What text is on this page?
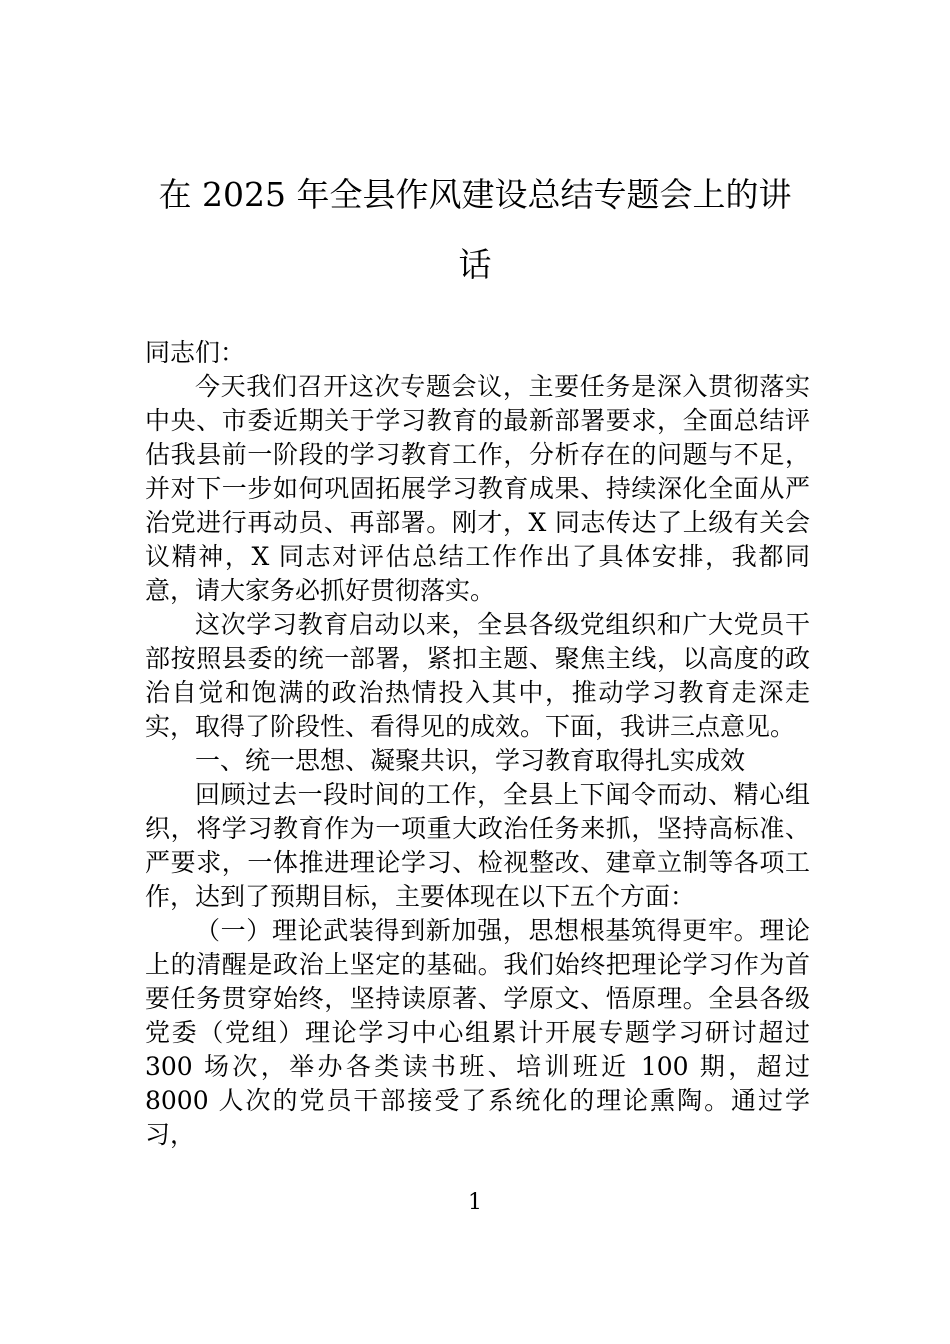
在 2025 年全县作风建设总结专题会上的讲
话

同志们：

今天我们召开这次专题会议，主要任务是深入贯彻落实中央、市委近期关于学习教育的最新部署要求，全面总结评估我县前一阶段的学习教育工作，分析存在的问题与不足，并对下一步如何巩固拓展学习教育成果、持续深化全面从严治党进行再动员、再部署。刚才，X 同志传达了上级有关会议精神，X 同志对评估总结工作作出了具体安排，我都同意，请大家务必抓好贯彻落实。

这次学习教育启动以来，全县各级党组织和广大党员干部按照县委的统一部署，紧扣主题、聚焦主线，以高度的政治自觉和饱满的政治热情投入其中，推动学习教育走深走实，取得了阶段性、看得见的成效。下面，我讲三点意见。

一、统一思想、凝聚共识，学习教育取得扎实成效

回顾过去一段时间的工作，全县上下闻令而动、精心组织，将学习教育作为一项重大政治任务来抓，坚持高标准、严要求，一体推进理论学习、检视整改、建章立制等各项工作，达到了预期目标，主要体现在以下五个方面：

（一）理论武装得到新加强，思想根基筑得更牢。理论上的清醒是政治上坚定的基础。我们始终把理论学习作为首要任务贯穿始终，坚持读原著、学原文、悟原理。全县各级党委（党组）理论学习中心组累计开展专题学习研讨超过 300 场次，举办各类读书班、培训班近 100 期，超过 8000 人次的党员干部接受了系统化的理论熏陶。通过学习，

1
